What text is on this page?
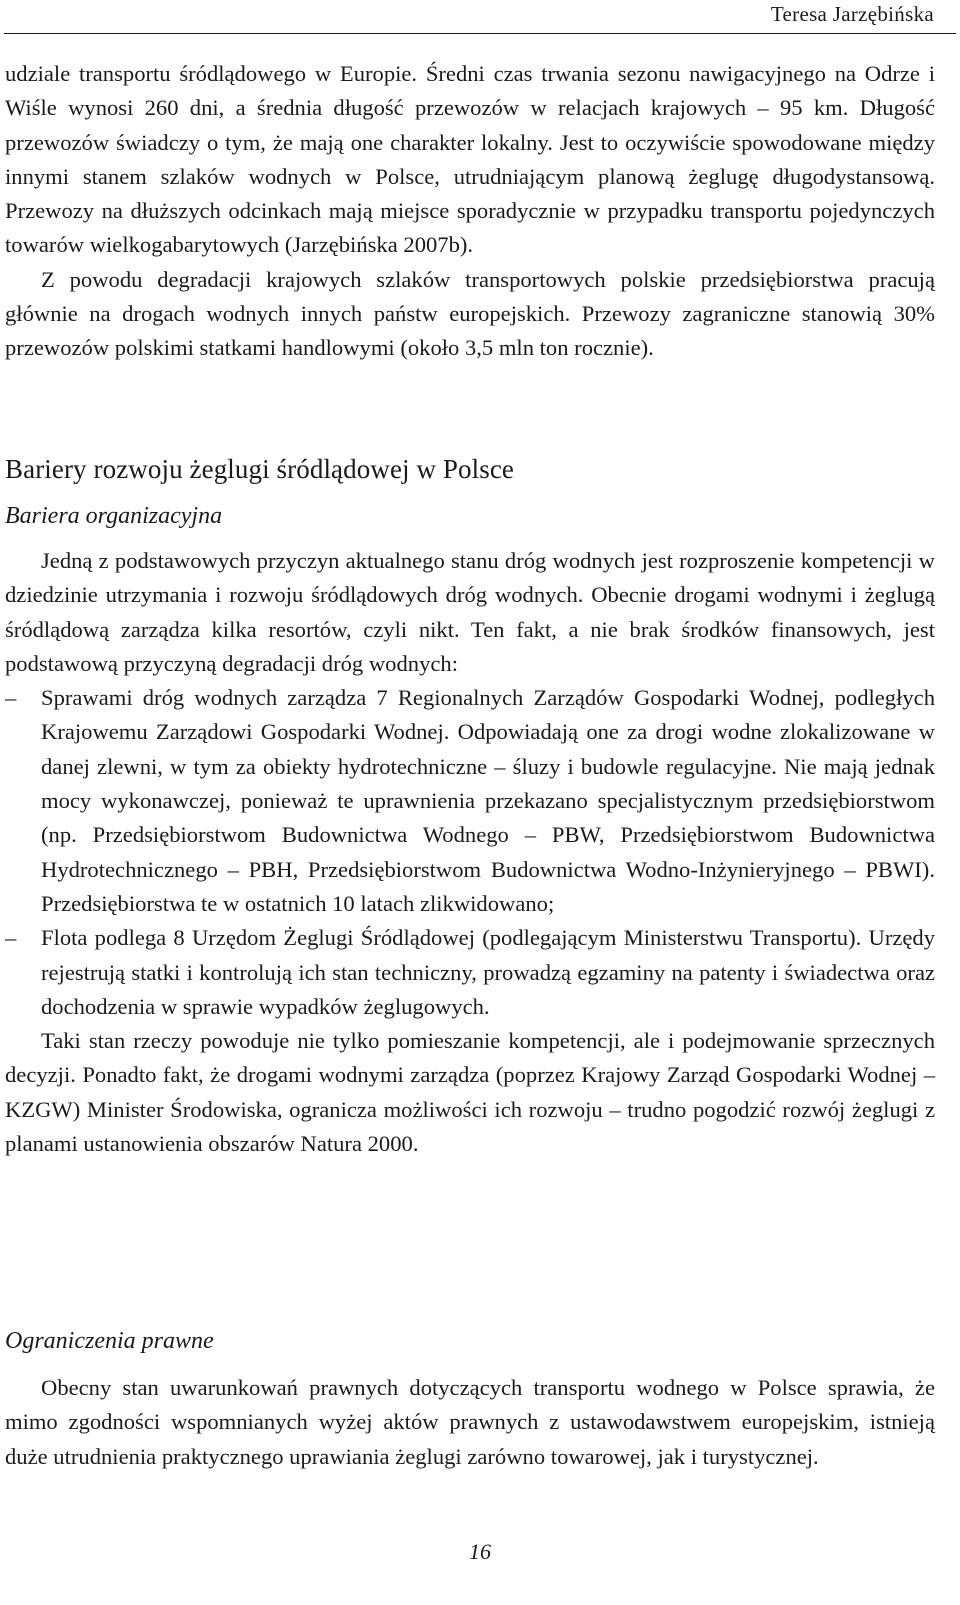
Teresa Jarzębińska

udziale transportu śródlądowego w Europie. Średni czas trwania sezonu nawigacyjnego na Odrze i Wiśle wynosi 260 dni, a średnia długość przewozów w relacjach krajowych – 95 km. Długość przewozów świadczy o tym, że mają one charakter lokalny. Jest to oczywiście spowodowane między innymi stanem szlaków wodnych w Polsce, utrudniającym planową żeglugę długodystansową. Przewozy na dłuższych odcinkach mają miejsce sporadycznie w przypadku transportu pojedynczych towarów wielkogabarytowych (Jarzębińska 2007b).

Z powodu degradacji krajowych szlaków transportowych polskie przedsiębiorstwa pracują głównie na drogach wodnych innych państw europejskich. Przewozy zagraniczne stanowią 30% przewozów polskimi statkami handlowymi (około 3,5 mln ton rocznie).

Bariery rozwoju żeglugi śródlądowej w Polsce
Bariera organizacyjna

Jedną z podstawowych przyczyn aktualnego stanu dróg wodnych jest rozproszenie kompetencji w dziedzinie utrzymania i rozwoju śródlądowych dróg wodnych. Obecnie drogami wodnymi i żeglugą śródlądową zarządza kilka resortów, czyli nikt. Ten fakt, a nie brak środków finansowych, jest podstawową przyczyną degradacji dróg wodnych:

– Sprawami dróg wodnych zarządza 7 Regionalnych Zarządów Gospodarki Wodnej, podległych Krajowemu Zarządowi Gospodarki Wodnej. Odpowiadają one za drogi wodne zlokalizowane w danej zlewni, w tym za obiekty hydrotechniczne – śluzy i budowle regulacyjne. Nie mają jednak mocy wykonawczej, ponieważ te uprawnienia przekazano specjalistycznym przedsiębiorstwom (np. Przedsiębiorstwom Budownictwa Wodnego – PBW, Przedsiębiorstwom Budownictwa Hydrotechnicznego – PBH, Przedsiębiorstwom Budownictwa Wodno-Inżynieryjnego – PBWI). Przedsiębiorstwa te w ostatnich 10 latach zlikwidowano;
– Flota podlega 8 Urzędom Żeglugi Śródlądowej (podlegającym Ministerstwu Transportu). Urzędy rejestrują statki i kontrolują ich stan techniczny, prowadzą egzaminy na patenty i świadectwa oraz dochodzenia w sprawie wypadków żeglugowych.

Taki stan rzeczy powoduje nie tylko pomieszanie kompetencji, ale i podejmowanie sprzecznych decyzji. Ponadto fakt, że drogami wodnymi zarządza (poprzez Krajowy Zarząd Gospodarki Wodnej – KZGW) Minister Środowiska, ogranicza możliwości ich rozwoju – trudno pogodzić rozwój żeglugi z planami ustanowienia obszarów Natura 2000.

Ograniczenia prawne

Obecny stan uwarunkowań prawnych dotyczących transportu wodnego w Polsce sprawia, że mimo zgodności wspomnianych wyżej aktów prawnych z ustawodawstwem europejskim, istnieją duże utrudnienia praktycznego uprawiania żeglugi zarówno towarowej, jak i turystycznej.

16
